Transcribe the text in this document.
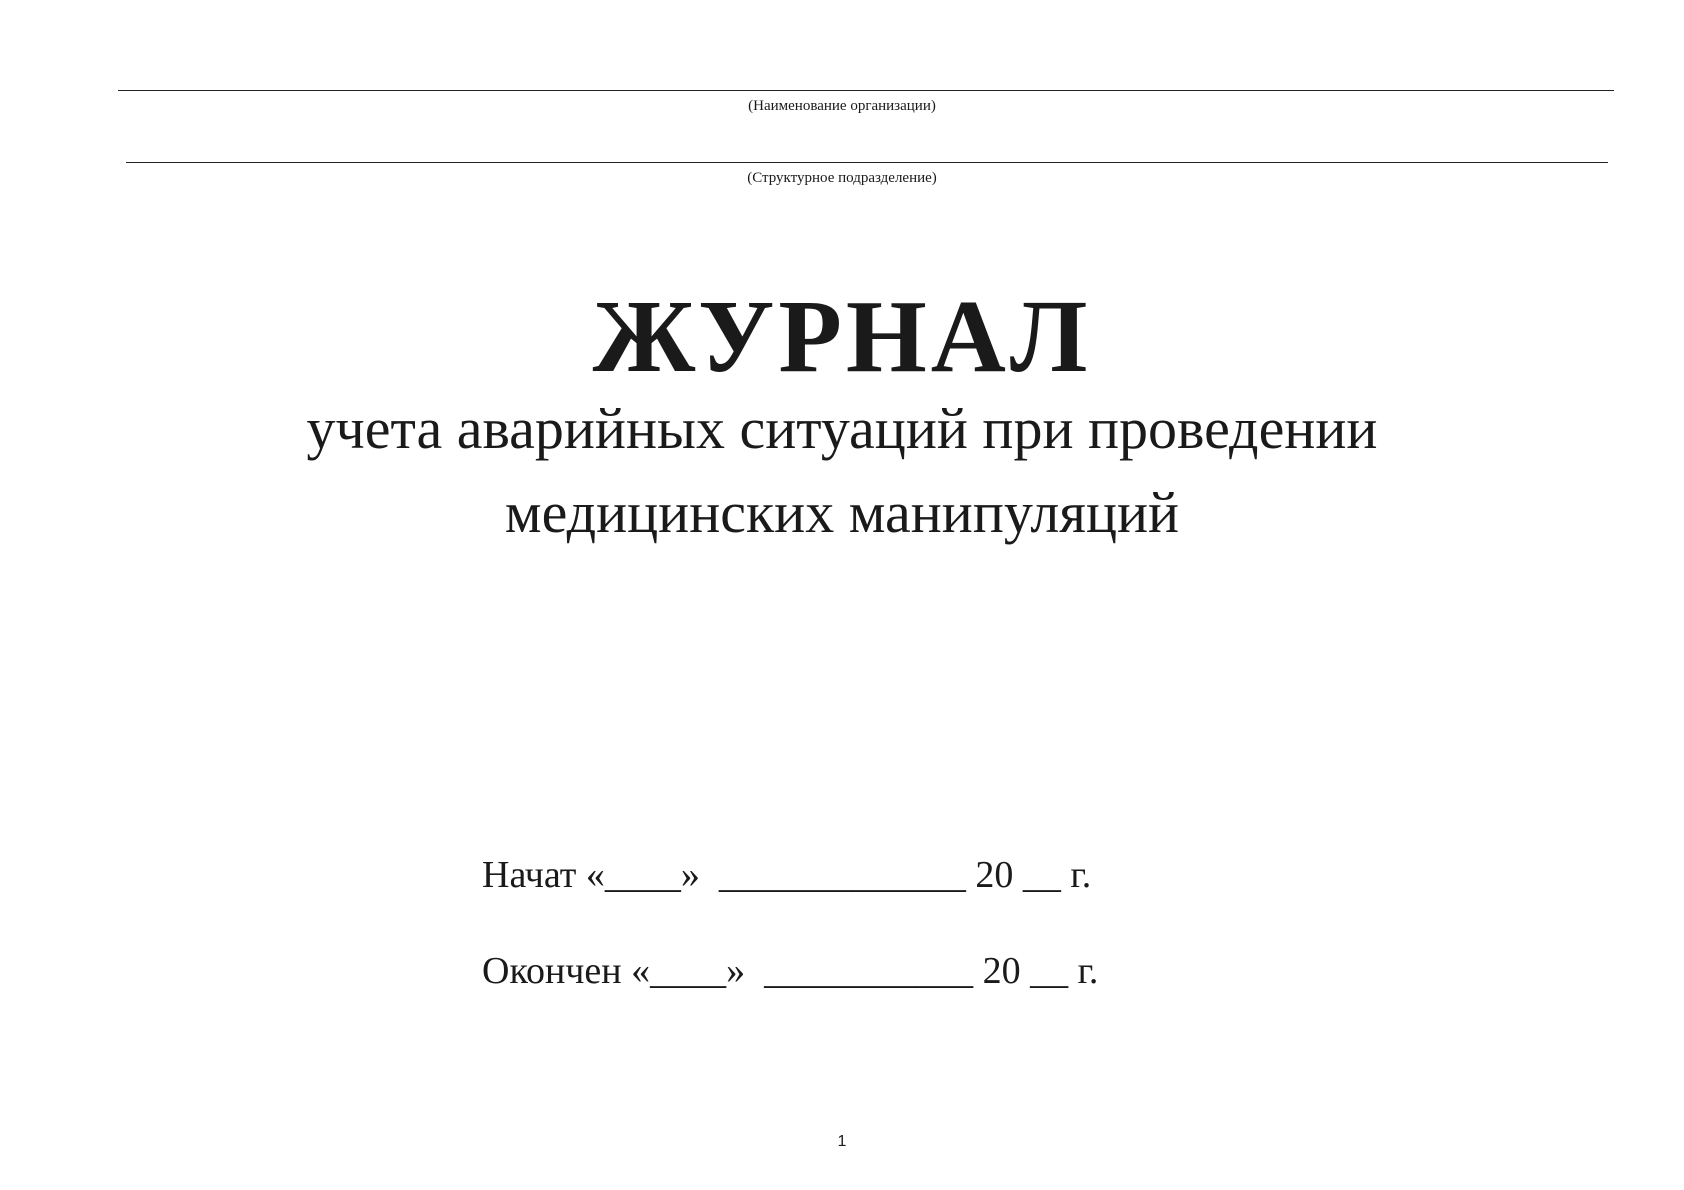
(Наименование организации)
(Структурное подразделение)
ЖУРНАЛ
учета аварийных ситуаций при проведении
медицинских манипуляций
Начат «____»  _____________ 20 __ г.
Окончен «____»  ___________ 20 __ г.
1
